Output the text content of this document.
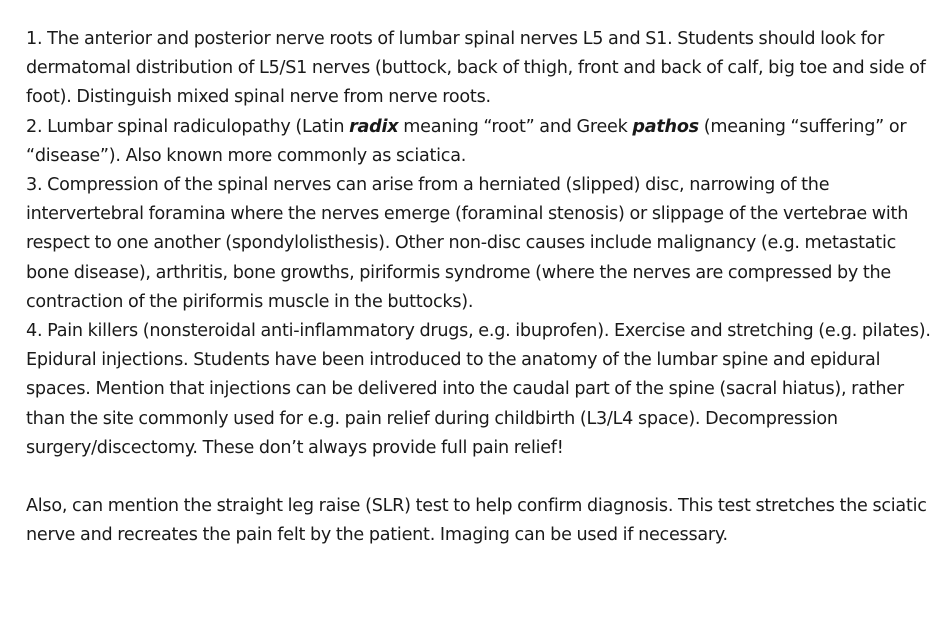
1. The anterior and posterior nerve roots of lumbar spinal nerves L5 and S1. Students should look for dermatomal distribution of L5/S1 nerves (buttock, back of thigh, front and back of calf, big toe and side of foot). Distinguish mixed spinal nerve from nerve roots.

2. Lumbar spinal radiculopathy (Latin radix meaning “root” and Greek pathos (meaning “suffering” or “disease”). Also known more commonly as sciatica.

3. Compression of the spinal nerves can arise from a herniated (slipped) disc, narrowing of the intervertebral foramina where the nerves emerge (foraminal stenosis) or slippage of the vertebrae with respect to one another (spondylolisthesis). Other non-disc causes include malignancy (e.g. metastatic bone disease), arthritis, bone growths, piriformis syndrome (where the nerves are compressed by the contraction of the piriformis muscle in the buttocks).

4. Pain killers (nonsteroidal anti-inflammatory drugs, e.g. ibuprofen). Exercise and stretching (e.g. pilates). Epidural injections. Students have been introduced to the anatomy of the lumbar spine and epidural spaces. Mention that injections can be delivered into the caudal part of the spine (sacral hiatus), rather than the site commonly used for e.g. pain relief during childbirth (L3/L4 space). Decompression surgery/discectomy. These don’t always provide full pain relief!

Also, can mention the straight leg raise (SLR) test to help confirm diagnosis. This test stretches the sciatic nerve and recreates the pain felt by the patient. Imaging can be used if necessary.
